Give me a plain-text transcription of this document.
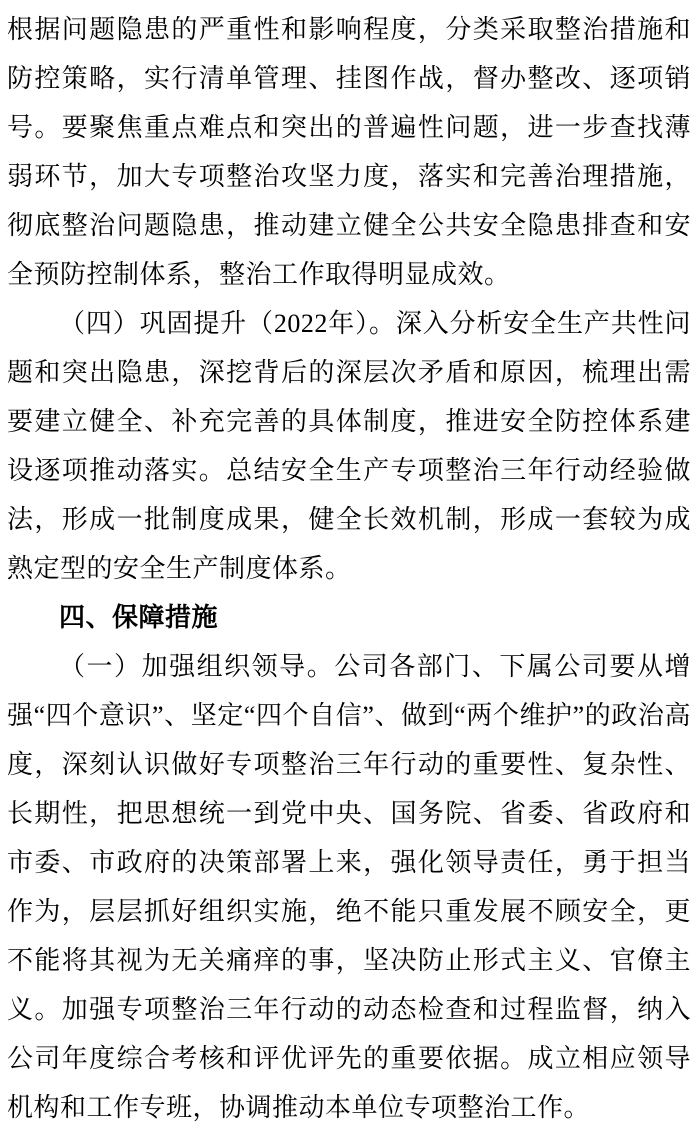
根据问题隐患的严重性和影响程度，分类采取整治措施和防控策略，实行清单管理、挂图作战，督办整改、逐项销号。要聚焦重点难点和突出的普遍性问题，进一步查找薄弱环节，加大专项整治攻坚力度，落实和完善治理措施，彻底整治问题隐患，推动建立健全公共安全隐患排查和安全预防控制体系，整治工作取得明显成效。

（四）巩固提升（2022年）。深入分析安全生产共性问题和突出隐患，深挖背后的深层次矛盾和原因，梳理出需要建立健全、补充完善的具体制度，推进安全防控体系建设逐项推动落实。总结安全生产专项整治三年行动经验做法，形成一批制度成果，健全长效机制，形成一套较为成熟定型的安全生产制度体系。

四、保障措施

（一）加强组织领导。公司各部门、下属公司要从增强“四个意识”、坚定“四个自信”、做到“两个维护”的政治高度，深刻认识做好专项整治三年行动的重要性、复杂性、长期性，把思想统一到党中央、国务院、省委、省政府和市委、市政府的决策部署上来，强化领导责任，勇于担当作为，层层抓好组织实施，绝不能只重发展不顾安全，更不能将其视为无关痛痒的事，坚决防止形式主义、官僚主义。加强专项整治三年行动的动态检查和过程监督，纳入公司年度综合考核和评优评先的重要依据。成立相应领导机构和工作专班，协调推动本单位专项整治工作。
